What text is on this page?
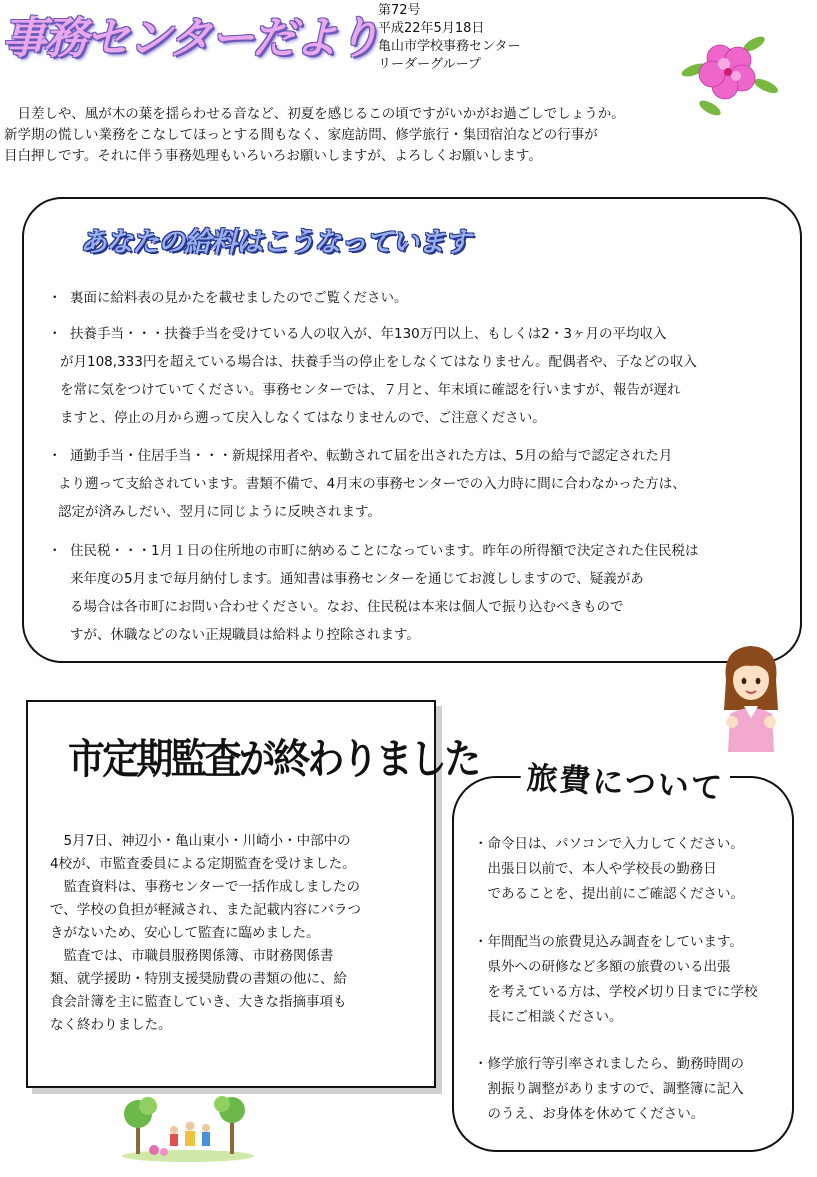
事務センターだより
第72号
平成22年5月18日
亀山市学校事務センター
リーダーグループ
　日差しや、風が木の葉を揺らわせる音など、初夏を感じるこの頃ですがいかがお過ごしでしょうか。
新学期の慌しい業務をこなしてほっとする間もなく、家庭訪問、修学旅行・集団宿泊などの行事が
目白押しです。それに伴う事務処理もいろいろお願いしますが、よろしくお願いします。
あなたの給料はこうなっています
・ 裏面に給料表の見かたを載せましたのでご覧ください。
・ 扶養手当・・・扶養手当を受けている人の収入が、年130万円以上、もしくは2・3ヶ月の平均収入
が月108,333円を超えている場合は、扶養手当の停止をしなくてはなりません。配偶者や、子などの収入
を常に気をつけていてください。事務センターでは、７月と、年末頃に確認を行いますが、報告が遅れ
ますと、停止の月から遡って戻入しなくてはなりませんので、ご注意ください。
・ 通勤手当・住居手当・・・新規採用者や、転勤されて届を出された方は、5月の給与で認定された月
より遡って支給されています。書類不備で、4月末の事務センターでの入力時に間に合わなかった方は、
認定が済みしだい、翌月に同じように反映されます。
・ 住民税・・・1月１日の住所地の市町に納めることになっています。昨年の所得額で決定された住民税は
来年度の5月まで毎月納付します。通知書は事務センターを通じてお渡ししますので、疑義があ
る場合は各市町にお問い合わせください。なお、住民税は本来は個人で振り込むべきもので
すが、休職などのない正規職員は給料より控除されます。
市定期監査が終わりました
　5月7日、神辺小・亀山東小・川崎小・中部中の
4校が、市監査委員による定期監査を受けました。
　監査資料は、事務センターで一括作成しましたの
で、学校の負担が軽減され、また記載内容にバラつ
きがないため、安心して監査に臨めました。
　監査では、市職員服務関係簿、市財務関係書
類、就学援助・特別支援奨励費の書類の他に、給
食会計簿を主に監査していき、大きな指摘事項も
なく終わりました。
旅費について
・命令日は、パソコンで入力してください。
　出張日以前で、本人や学校長の勤務日
　であることを、提出前にご確認ください。
・年間配当の旅費見込み調査をしています。
　県外への研修など多額の旅費のいる出張
　を考えている方は、学校〆切り日までに学校
　長にご相談ください。
・修学旅行等引率されましたら、勤務時間の
　割振り調整がありますので、調整簿に記入
　のうえ、お身体を休めてください。
